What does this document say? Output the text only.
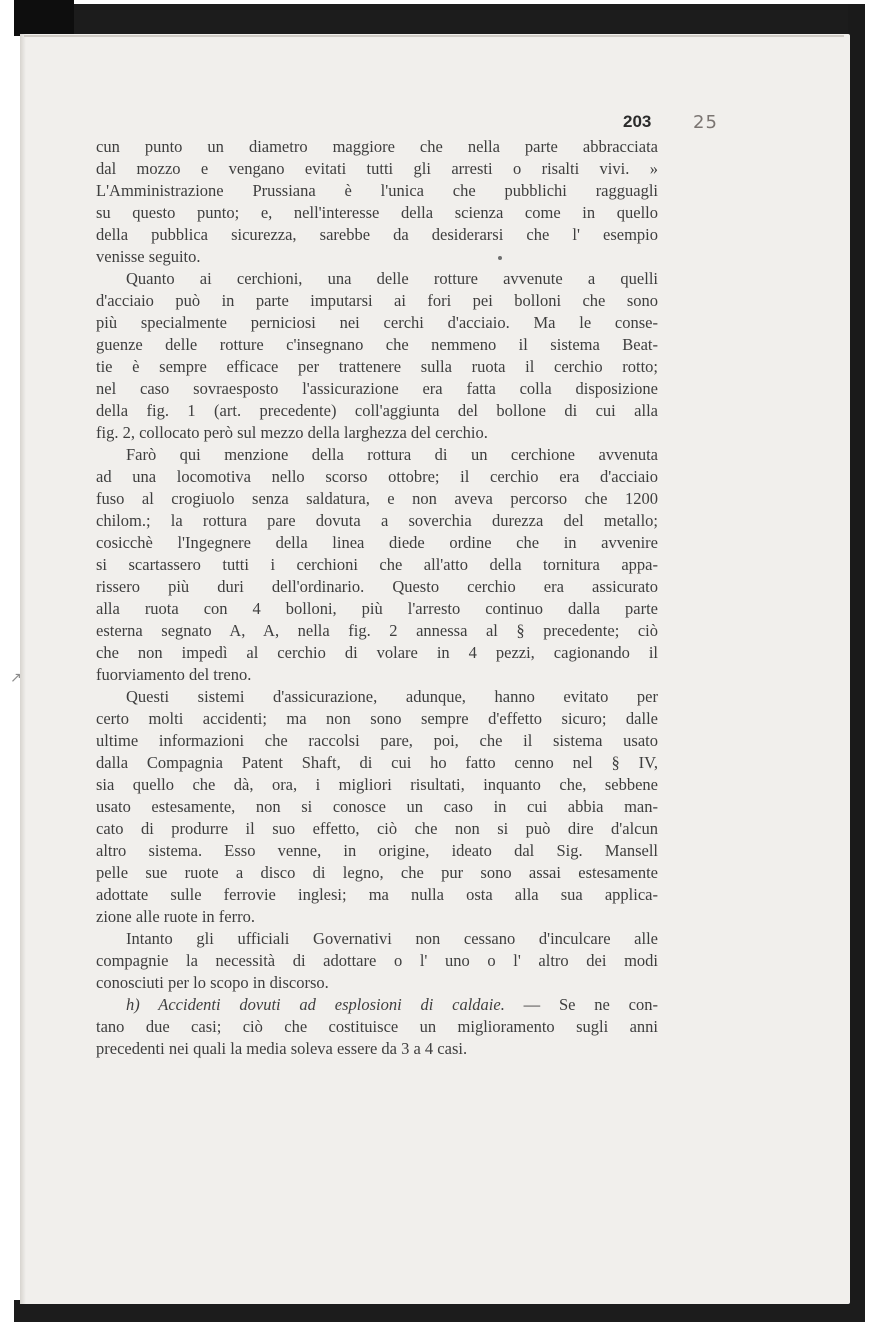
203 25
↗
cun punto un diametro maggiore che nella parte abbracciata
dal mozzo e vengano evitati tutti gli arresti o risalti vivi. »
L'Amministrazione Prussiana è l'unica che pubblichi ragguagli
su questo punto; e, nell'interesse della scienza come in quello
della pubblica sicurezza, sarebbe da desiderarsi che l' esempio
venisse seguito.
Quanto ai cerchioni, una delle rotture avvenute a quelli
d'acciaio può in parte imputarsi ai fori pei bolloni che sono
più specialmente perniciosi nei cerchi d'acciaio. Ma le conse-
guenze delle rotture c'insegnano che nemmeno il sistema Beat-
tie è sempre efficace per trattenere sulla ruota il cerchio rotto;
nel caso sovraesposto l'assicurazione era fatta colla disposizione
della fig. 1 (art. precedente) coll'aggiunta del bollone di cui alla
fig. 2, collocato però sul mezzo della larghezza del cerchio.
Farò qui menzione della rottura di un cerchione avvenuta
ad una locomotiva nello scorso ottobre; il cerchio era d'acciaio
fuso al crogiuolo senza saldatura, e non aveva percorso che 1200
chilom.; la rottura pare dovuta a soverchia durezza del metallo;
cosicchè l'Ingegnere della linea diede ordine che in avvenire
si scartassero tutti i cerchioni che all'atto della tornitura appa-
rissero più duri dell'ordinario. Questo cerchio era assicurato
alla ruota con 4 bolloni, più l'arresto continuo dalla parte
esterna segnato A, A, nella fig. 2 annessa al § precedente; ciò
che non impedì al cerchio di volare in 4 pezzi, cagionando il
fuorviamento del treno.
Questi sistemi d'assicurazione, adunque, hanno evitato per
certo molti accidenti; ma non sono sempre d'effetto sicuro; dalle
ultime informazioni che raccolsi pare, poi, che il sistema usato
dalla Compagnia Patent Shaft, di cui ho fatto cenno nel § IV,
sia quello che dà, ora, i migliori risultati, inquanto che, sebbene
usato estesamente, non si conosce un caso in cui abbia man-
cato di produrre il suo effetto, ciò che non si può dire d'alcun
altro sistema. Esso venne, in origine, ideato dal Sig. Mansell
pelle sue ruote a disco di legno, che pur sono assai estesamente
adottate sulle ferrovie inglesi; ma nulla osta alla sua applica-
zione alle ruote in ferro.
Intanto gli ufficiali Governativi non cessano d'inculcare alle
compagnie la necessità di adottare o l' uno o l' altro dei modi
conosciuti per lo scopo in discorso.
h) Accidenti dovuti ad esplosioni di caldaie. — Se ne con-
tano due casi; ciò che costituisce un miglioramento sugli anni
precedenti nei quali la media soleva essere da 3 a 4 casi.
